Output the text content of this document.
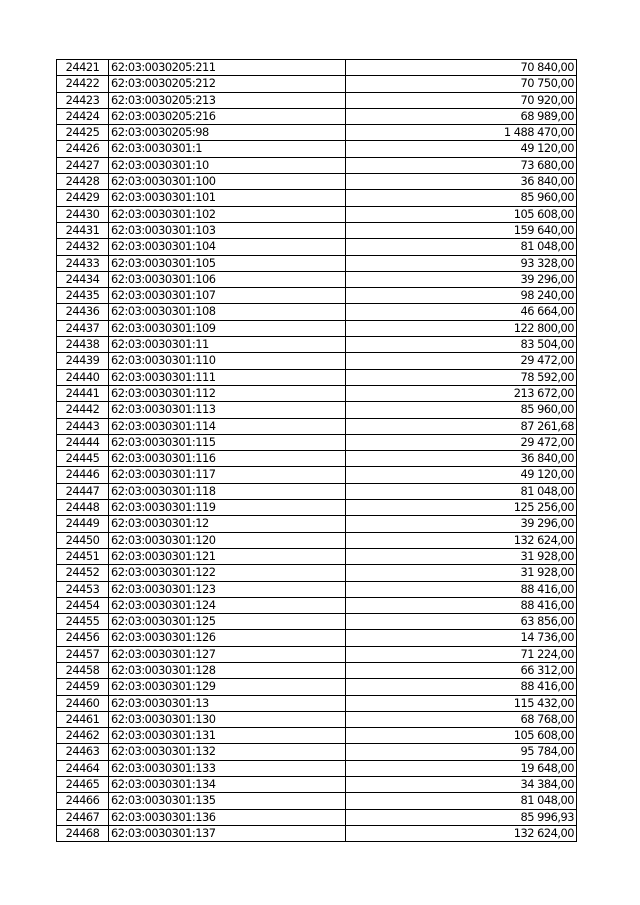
24421	62:03:0030205:211	70 840,00
24422	62:03:0030205:212	70 750,00
24423	62:03:0030205:213	70 920,00
24424	62:03:0030205:216	68 989,00
24425	62:03:0030205:98	1 488 470,00
24426	62:03:0030301:1	49 120,00
24427	62:03:0030301:10	73 680,00
24428	62:03:0030301:100	36 840,00
24429	62:03:0030301:101	85 960,00
24430	62:03:0030301:102	105 608,00
24431	62:03:0030301:103	159 640,00
24432	62:03:0030301:104	81 048,00
24433	62:03:0030301:105	93 328,00
24434	62:03:0030301:106	39 296,00
24435	62:03:0030301:107	98 240,00
24436	62:03:0030301:108	46 664,00
24437	62:03:0030301:109	122 800,00
24438	62:03:0030301:11	83 504,00
24439	62:03:0030301:110	29 472,00
24440	62:03:0030301:111	78 592,00
24441	62:03:0030301:112	213 672,00
24442	62:03:0030301:113	85 960,00
24443	62:03:0030301:114	87 261,68
24444	62:03:0030301:115	29 472,00
24445	62:03:0030301:116	36 840,00
24446	62:03:0030301:117	49 120,00
24447	62:03:0030301:118	81 048,00
24448	62:03:0030301:119	125 256,00
24449	62:03:0030301:12	39 296,00
24450	62:03:0030301:120	132 624,00
24451	62:03:0030301:121	31 928,00
24452	62:03:0030301:122	31 928,00
24453	62:03:0030301:123	88 416,00
24454	62:03:0030301:124	88 416,00
24455	62:03:0030301:125	63 856,00
24456	62:03:0030301:126	14 736,00
24457	62:03:0030301:127	71 224,00
24458	62:03:0030301:128	66 312,00
24459	62:03:0030301:129	88 416,00
24460	62:03:0030301:13	115 432,00
24461	62:03:0030301:130	68 768,00
24462	62:03:0030301:131	105 608,00
24463	62:03:0030301:132	95 784,00
24464	62:03:0030301:133	19 648,00
24465	62:03:0030301:134	34 384,00
24466	62:03:0030301:135	81 048,00
24467	62:03:0030301:136	85 996,93
24468	62:03:0030301:137	132 624,00
